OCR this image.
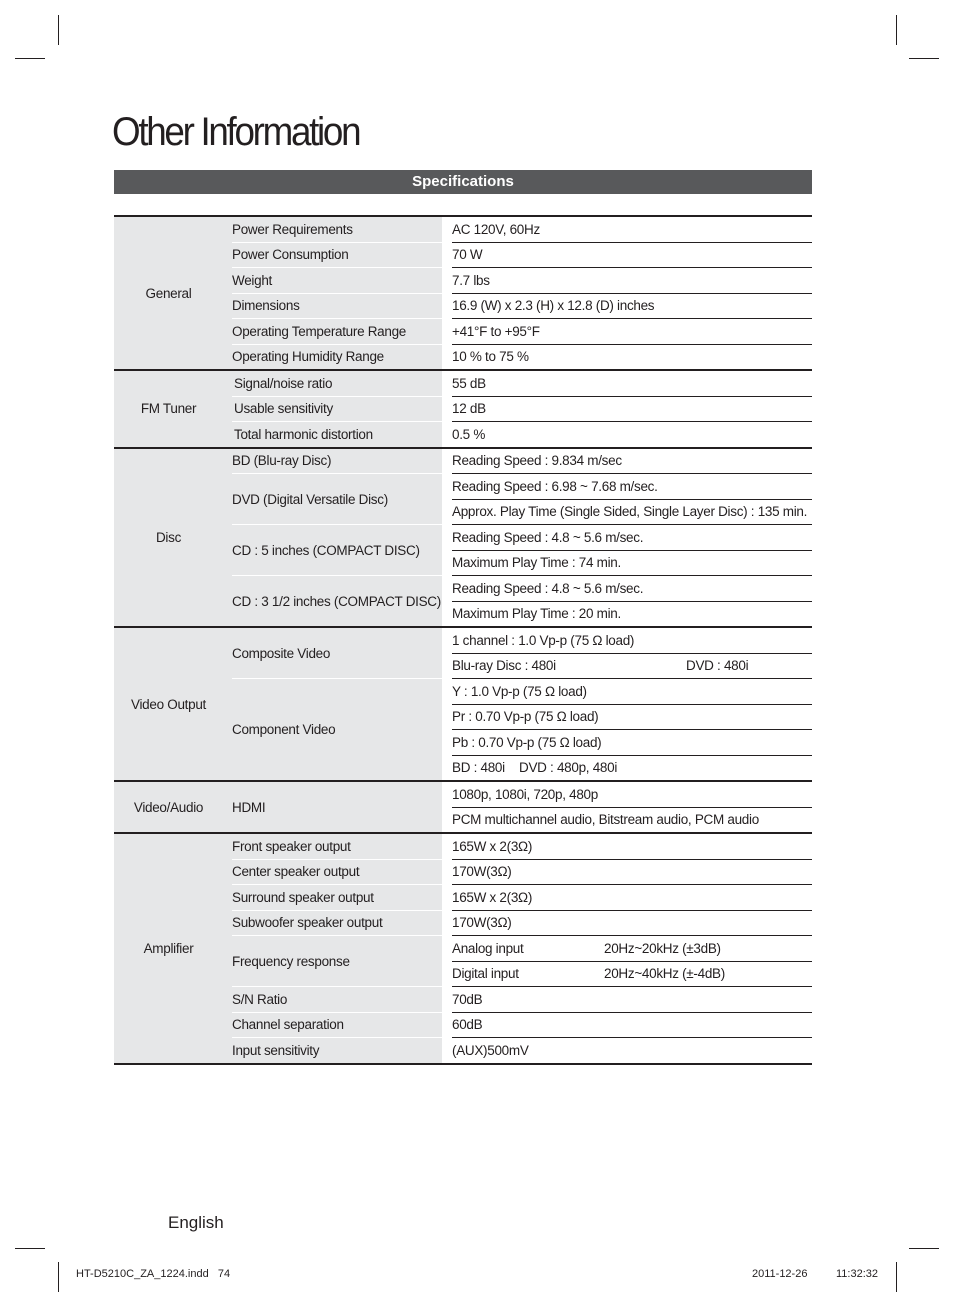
Other Information
Specifications
General		Power Requirements		AC 120V, 60Hz
		Power Consumption		70 W
		Weight		7.7 lbs
		Dimensions		16.9 (W) x 2.3 (H) x 12.8 (D) inches
		Operating Temperature Range		+41°F to +95°F
		Operating Humidity Range		10 % to 75 %
FM Tuner		Signal/noise ratio		55 dB
		Usable sensitivity		12 dB
		Total harmonic distortion		0.5 %
Disc		BD (Blu-ray Disc)		Reading Speed : 9.834 m/sec
		DVD (Digital Versatile Disc)		Reading Speed : 6.98 ~ 7.68 m/sec.
				Approx. Play Time (Single Sided, Single Layer Disc) : 135 min.
		CD : 5 inches (COMPACT DISC)		Reading Speed : 4.8 ~ 5.6 m/sec.
				Maximum Play Time : 74 min.
		CD : 3 1/2 inches (COMPACT DISC)		Reading Speed : 4.8 ~ 5.6 m/sec.
				Maximum Play Time : 20 min.
Video Output		Composite Video		1 channel : 1.0 Vp-p (75 Ω load)
				Blu-ray Disc : 480i DVD : 480i
		Component Video		Y : 1.0 Vp-p (75 Ω load)
				Pr : 0.70 Vp-p (75 Ω load)
				Pb : 0.70 Vp-p (75 Ω load)
				BD : 480i DVD : 480p, 480i
Video/Audio		HDMI		1080p, 1080i, 720p, 480p
				PCM multichannel audio, Bitstream audio, PCM audio
Amplifier		Front speaker output		165W x 2(3Ω)
		Center speaker output		170W(3Ω)
		Surround speaker output		165W x 2(3Ω)
		Subwoofer speaker output		170W(3Ω)
		Frequency response		Analog input 20Hz~20kHz (±3dB)
				Digital input 20Hz~40kHz (±-4dB)
		S/N Ratio		70dB
		Channel separation		60dB
		Input sensitivity		(AUX)500mV
English
HT-D5210C_ZA_1224.indd   74	2011-12-26	11:32:32
